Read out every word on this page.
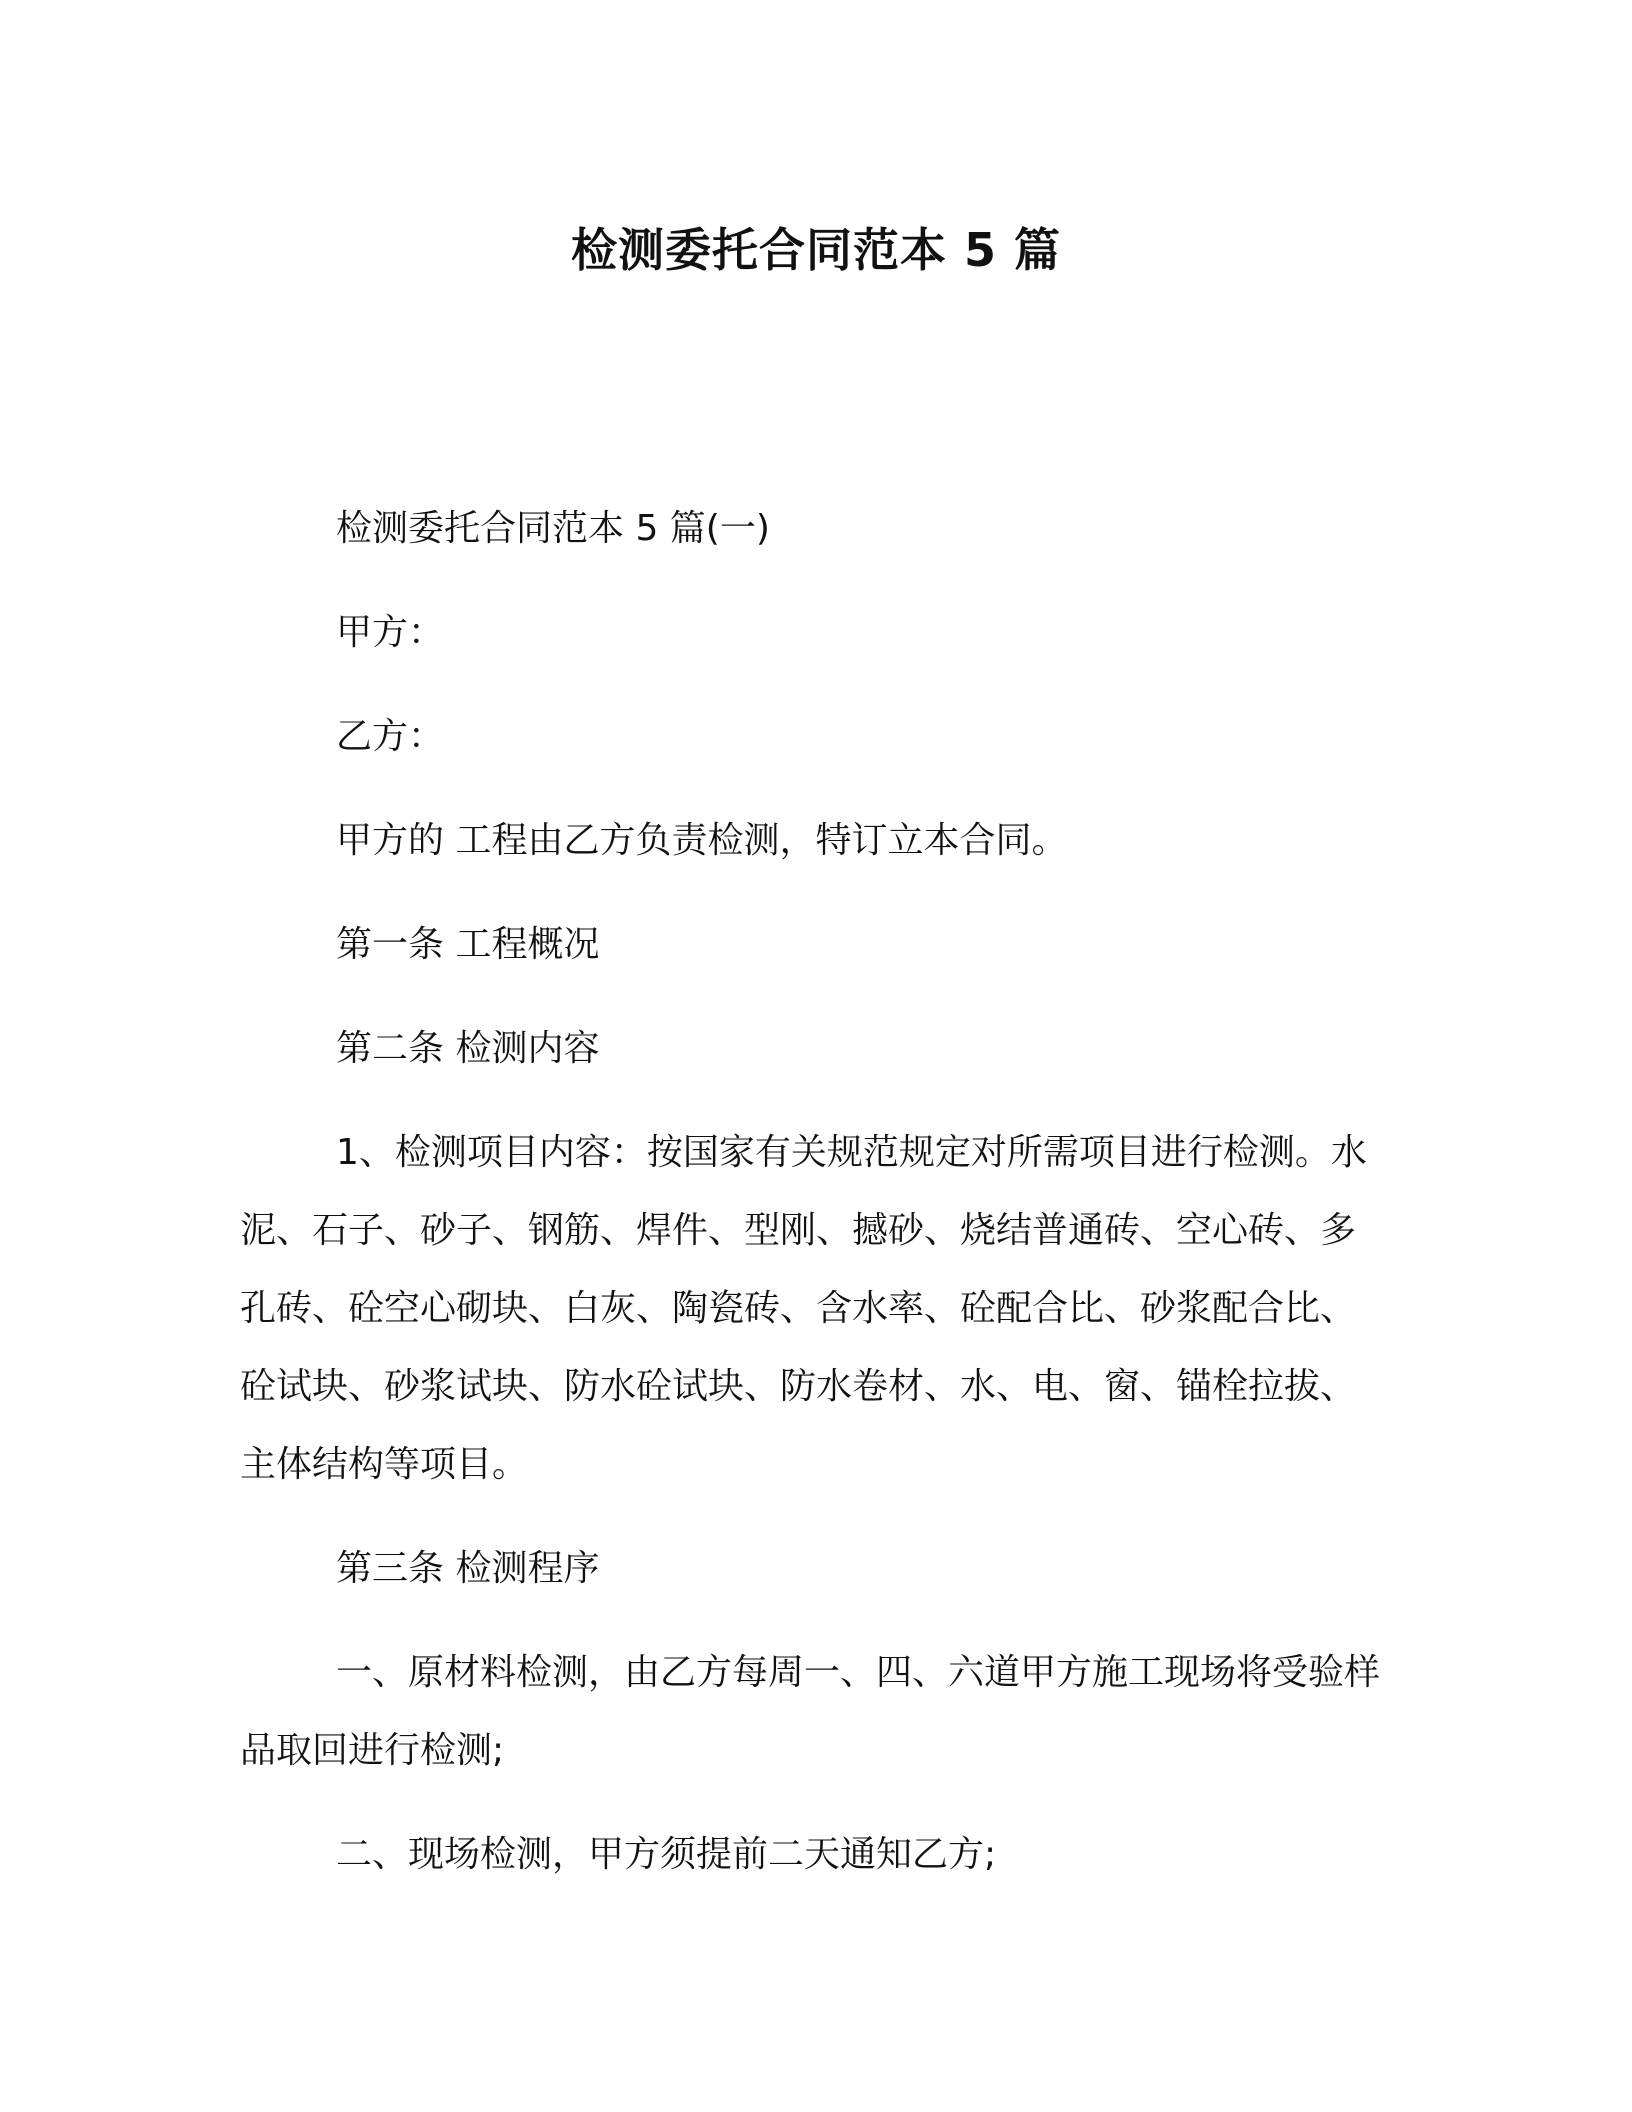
检测委托合同范本 5 篇

检测委托合同范本 5 篇(一)

甲方：

乙方：

甲方的 工程由乙方负责检测，特订立本合同。

第一条 工程概况

第二条 检测内容

1、检测项目内容：按国家有关规范规定对所需项目进行检测。水泥、石子、砂子、钢筋、焊件、型刚、撼砂、烧结普通砖、空心砖、多孔砖、砼空心砌块、白灰、陶瓷砖、含水率、砼配合比、砂浆配合比、砼试块、砂浆试块、防水砼试块、防水卷材、水、电、窗、锚栓拉拔、主体结构等项目。

第三条 检测程序

一、原材料检测，由乙方每周一、四、六道甲方施工现场将受验样品取回进行检测;

二、现场检测，甲方须提前二天通知乙方;
